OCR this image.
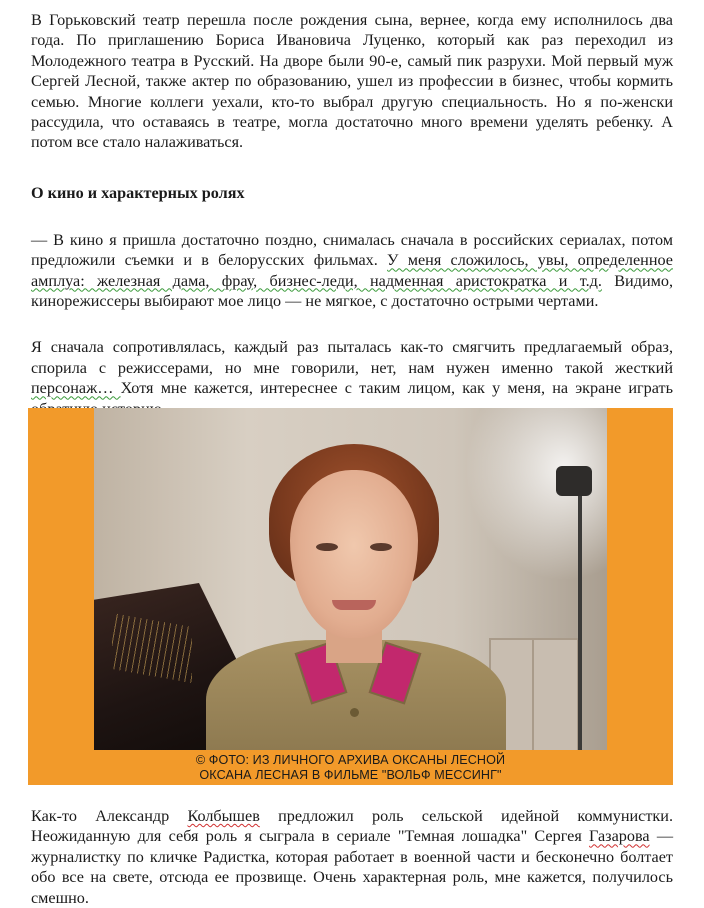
В Горьковский театр перешла после рождения сына, вернее, когда ему исполнилось два года. По приглашению Бориса Ивановича Луценко, который как раз переходил из Молодежного театра в Русский. На дворе были 90-е, самый пик разрухи. Мой первый муж Сергей Лесной, также актер по образованию, ушел из профессии в бизнес, чтобы кормить семью. Многие коллеги уехали, кто-то выбрал другую специальность. Но я по-женски рассудила, что оставаясь в театре, могла достаточно много времени уделять ребенку. А потом все стало налаживаться.

О кино и характерных ролях

— В кино я пришла достаточно поздно, снималась сначала в российских сериалах, потом предложили съемки и в белорусских фильмах. У меня сложилось, увы, определенное амплуа: железная дама, фрау, бизнес-леди, надменная аристократка и т.д. Видимо, кинорежиссеры выбирают мое лицо — не мягкое, с достаточно острыми чертами.

Я сначала сопротивлялась, каждый раз пыталась как-то смягчить предлагаемый образ, спорила с режиссерами, но мне говорили, нет, нам нужен именно такой жесткий персонаж… Хотя мне кажется, интереснее с таким лицом, как у меня, на экране играть

© ФОТО: ИЗ ЛИЧНОГО АРХИВА ОКСАНЫ ЛЕСНОЙ
ОКСАНА ЛЕСНАЯ В ФИЛЬМЕ "ВОЛЬФ МЕССИНГ"

Как-то Александр Колбышев предложил роль сельской идейной коммунистки. Неожиданную для себя роль я сыграла в сериале "Темная лошадка" Сергея Газарова — журналистку по кличке Радистка, которая работает в военной части и бесконечно болтает обо все на свете, отсюда ее прозвище. Очень характерная роль, мне кажется, получилось смешно.
